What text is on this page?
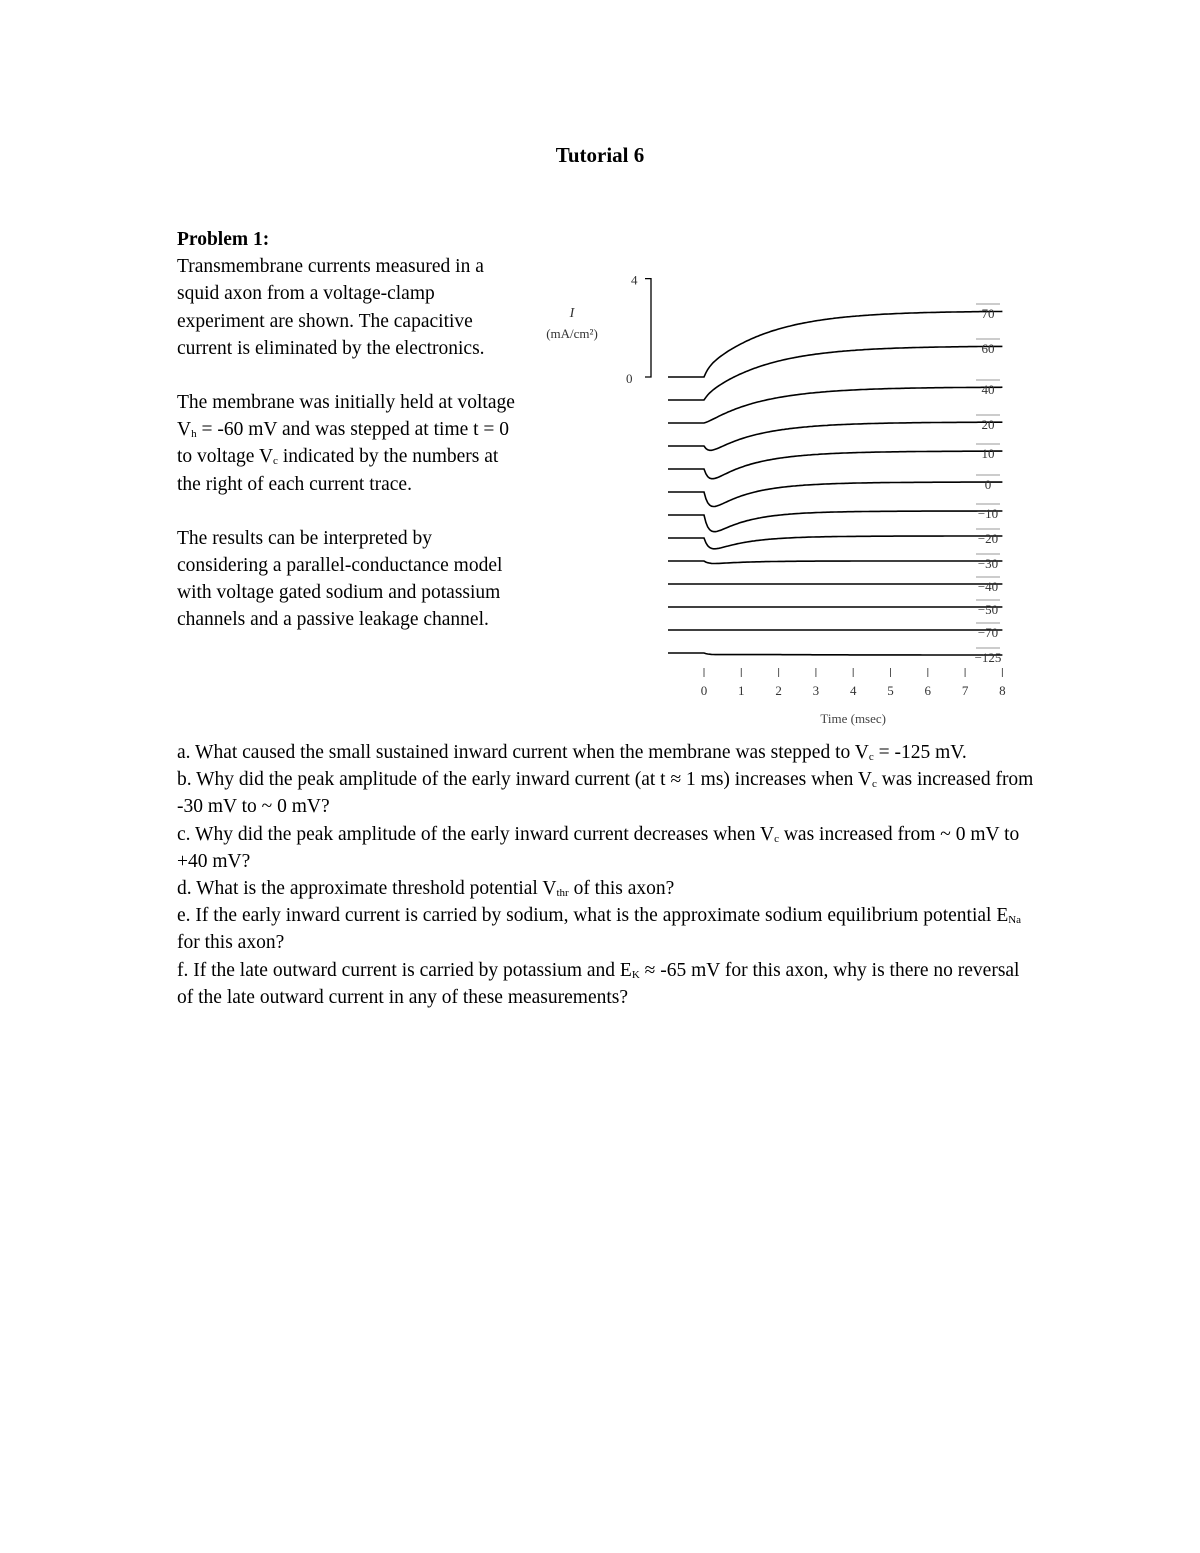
Tutorial 6

Problem 1:

Transmembrane currents measured in a squid axon from a voltage-clamp experiment are shown. The capacitive current is eliminated by the electronics.

The membrane was initially held at voltage $V_h = -60$ mV and was stepped at time t = 0 to voltage $V_c$ indicated by the numbers at the right of each current trace.

The results can be interpreted by considering a parallel-conductance model with voltage gated sodium and potassium channels and a passive leakage channel.

4
0
I
(mA/cm²)
0 1 2 3 4 5 6 7 8
Time (msec)
70
60
40
20
10
0
−10
−20
−30
−40
−50
−70
−125

a. What caused the small sustained inward current when the membrane was stepped to $V_c = -125$ mV.

b. Why did the peak amplitude of the early inward current (at t ≈ 1 ms) increases when $V_c$ was increased from -30 mV to ~ 0 mV?

c. Why did the peak amplitude of the early inward current decreases when $V_c$ was increased from ~ 0 mV to +40 mV?

d. What is the approximate threshold potential $V_{thr}$ of this axon?

e. If the early inward current is carried by sodium, what is the approximate sodium equilibrium potential $E_{Na}$ for this axon?

f. If the late outward current is carried by potassium and $E_K \approx -65$ mV for this axon, why is there no reversal of the late outward current in any of these measurements?
